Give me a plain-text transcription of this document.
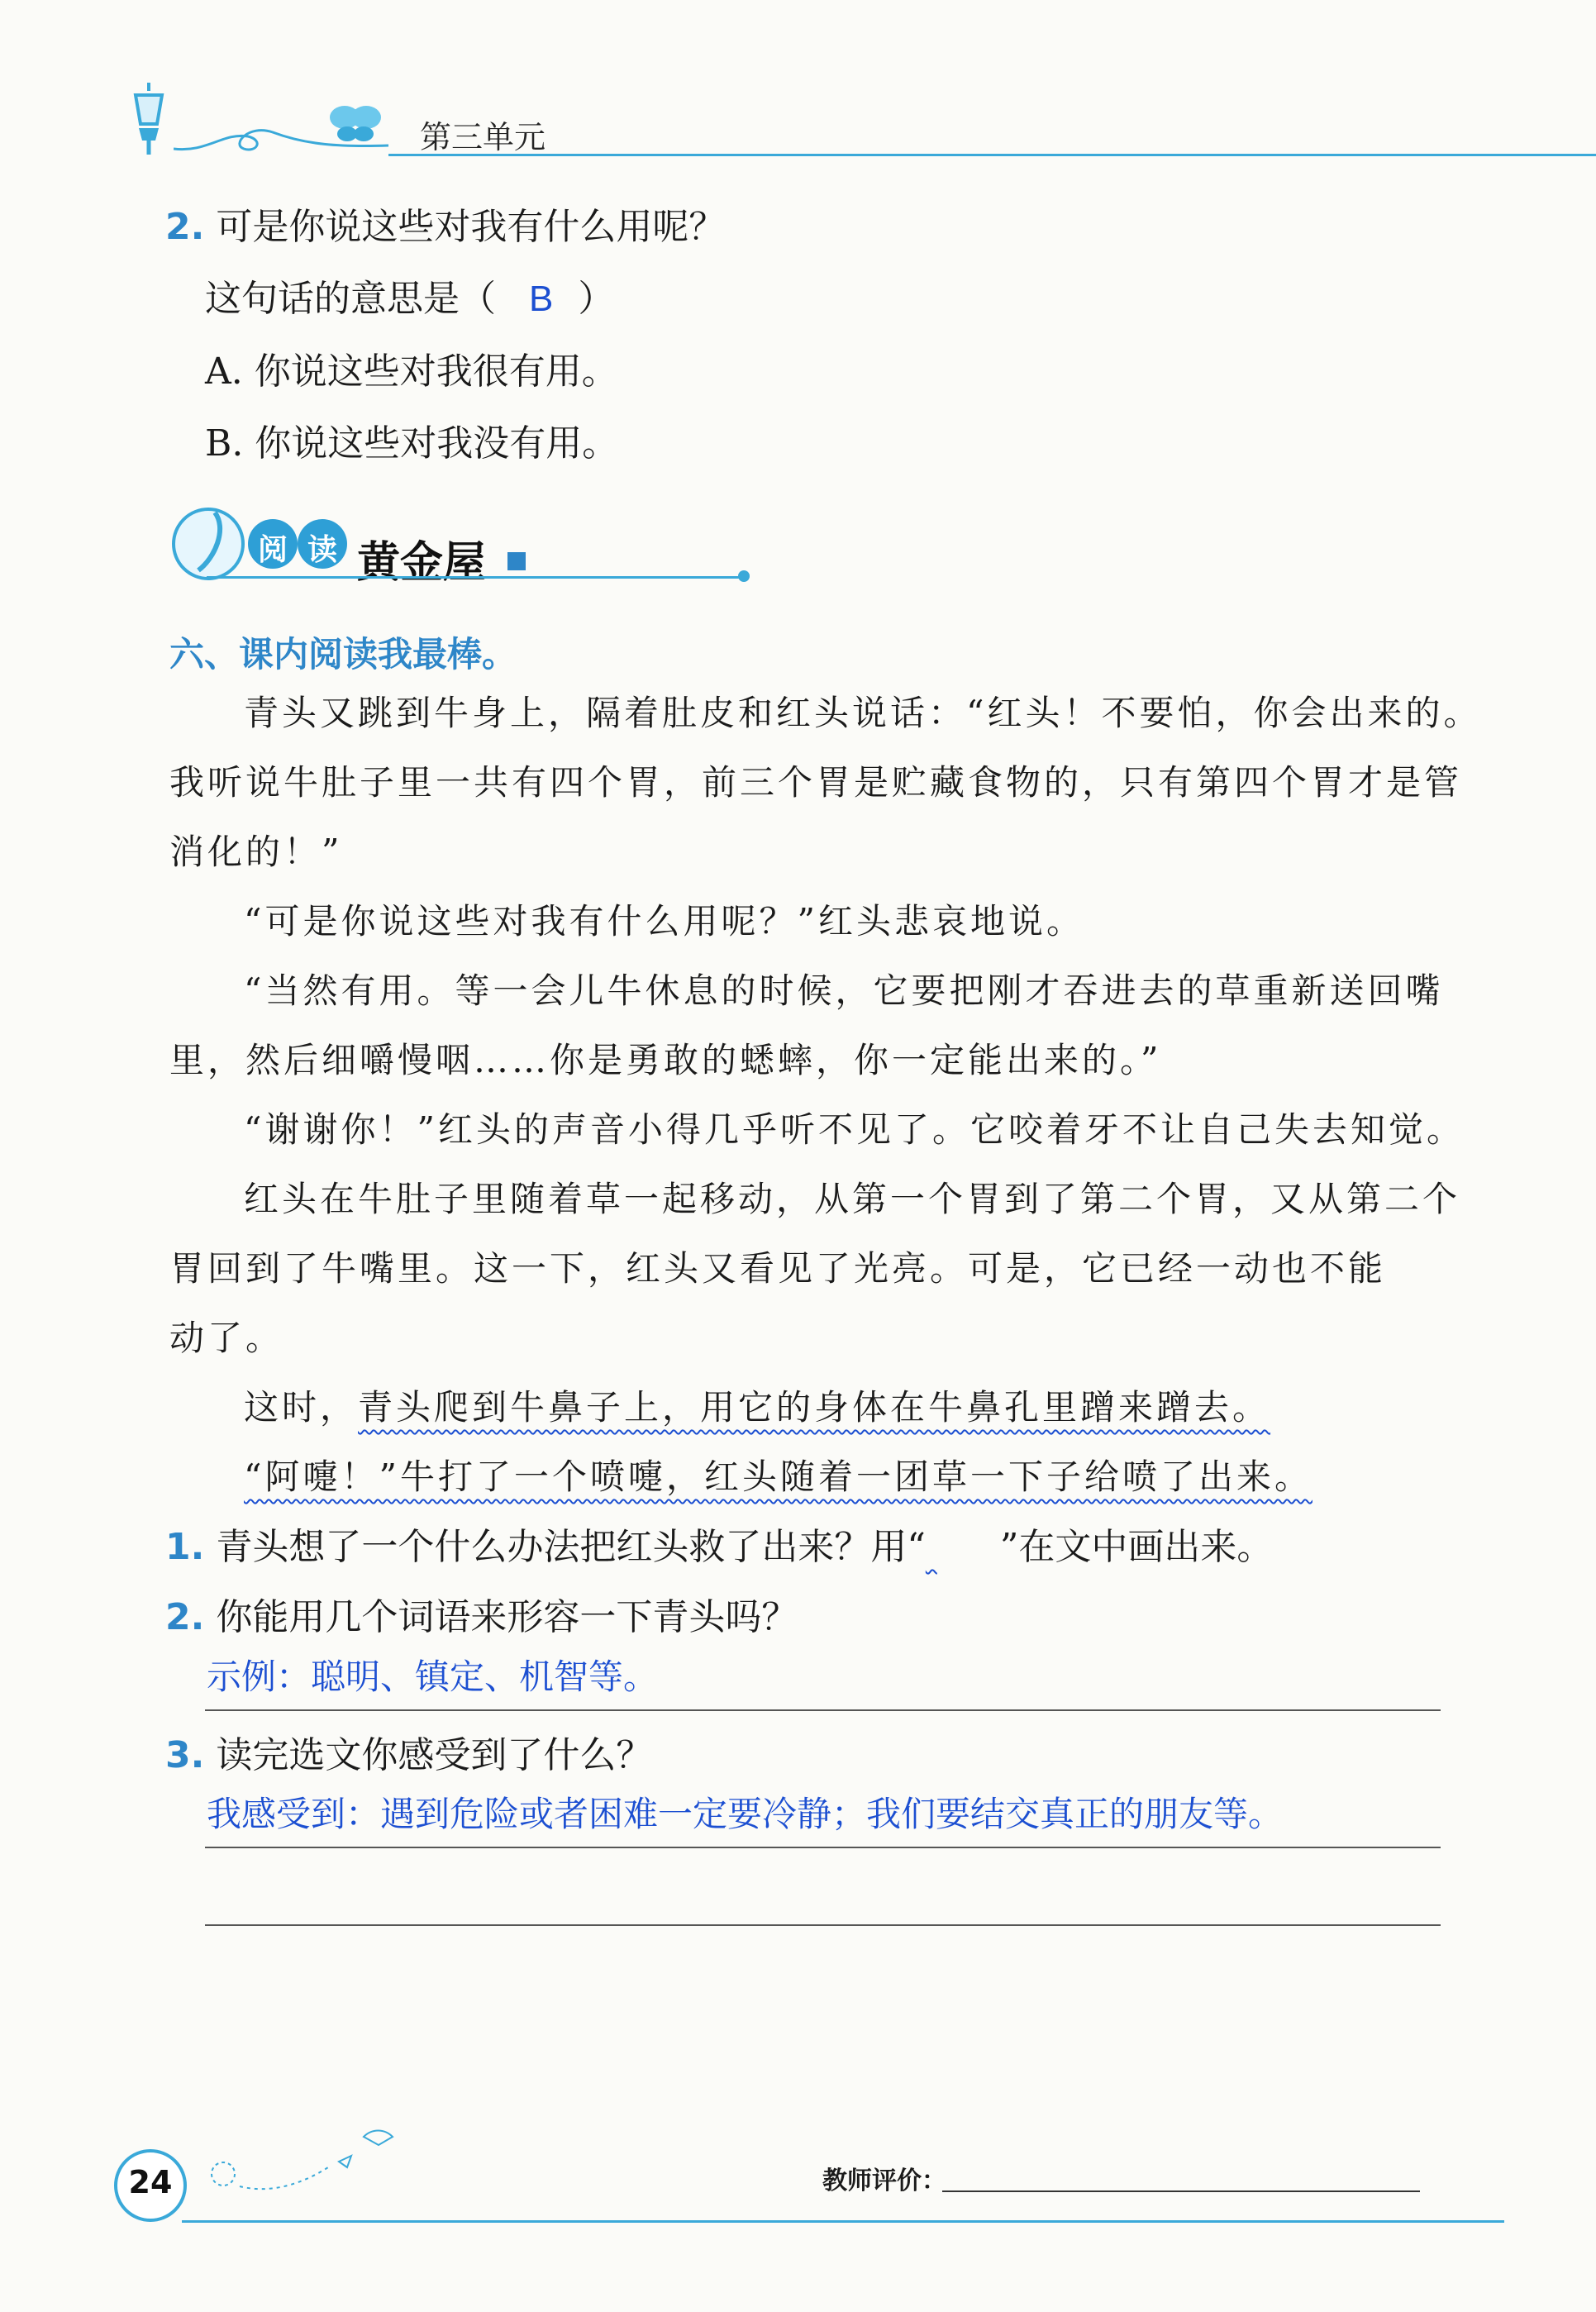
第三单元
2. 可是你说这些对我有什么用呢？
这句话的意思是（ B ）
A. 你说这些对我很有用。
B. 你说这些对我没有用。
阅 读 黄金屋
六、课内阅读我最棒。
青头又跳到牛身上，隔着肚皮和红头说话：“红头！不要怕，你会出来的。
我听说牛肚子里一共有四个胃，前三个胃是贮藏食物的，只有第四个胃才是管
消化的！”
“可是你说这些对我有什么用呢？”红头悲哀地说。
“当然有用。等一会儿牛休息的时候，它要把刚才吞进去的草重新送回嘴
里，然后细嚼慢咽……你是勇敢的蟋蟀，你一定能出来的。”
“谢谢你！”红头的声音小得几乎听不见了。它咬着牙不让自己失去知觉。
红头在牛肚子里随着草一起移动，从第一个胃到了第二个胃，又从第二个
胃回到了牛嘴里。这一下，红头又看见了光亮。可是，它已经一动也不能
动了。
这时，青头爬到牛鼻子上，用它的身体在牛鼻孔里蹭来蹭去。
“阿嚏！”牛打了一个喷嚏，红头随着一团草一下子给喷了出来。
1. 青头想了一个什么办法把红头救了出来？用“ ”在文中画出来。
2. 你能用几个词语来形容一下青头吗？
示例：聪明、镇定、机智等。
3. 读完选文你感受到了什么？
我感受到：遇到危险或者困难一定要冷静；我们要结交真正的朋友等。
24	教师评价：
